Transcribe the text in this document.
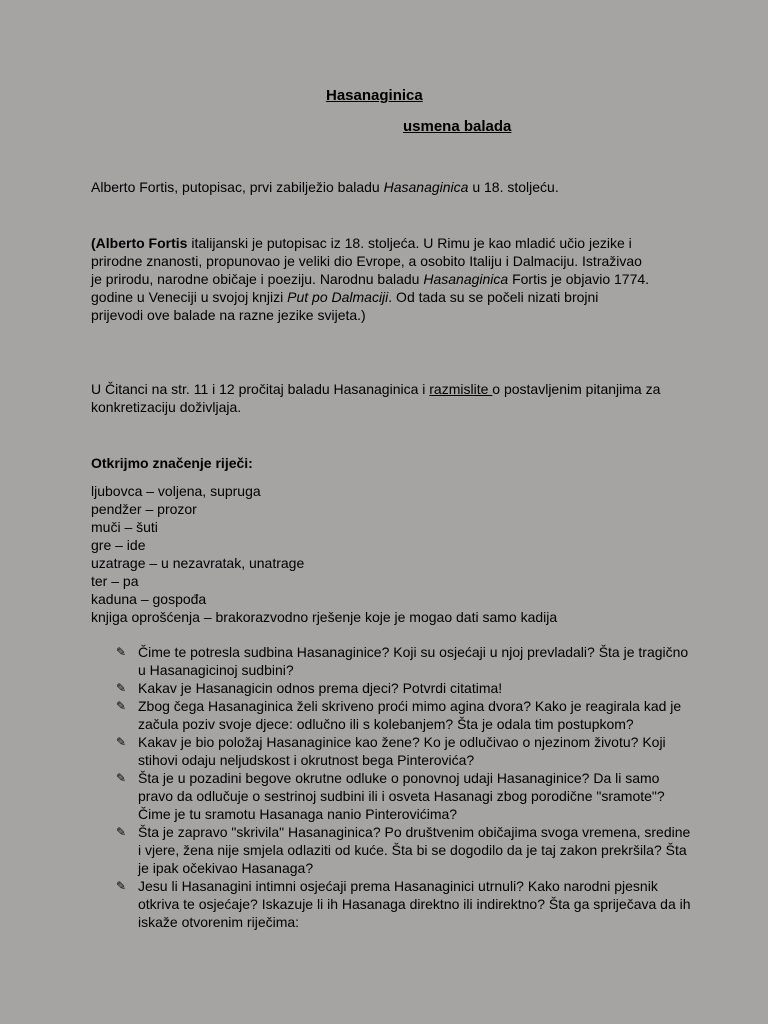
Hasanaginica
usmena balada

Alberto Fortis, putopisac, prvi zabilježio baladu Hasanaginica u 18. stoljeću.

(Alberto Fortis italijanski je putopisac iz 18. stoljeća. U Rimu je kao mladić učio jezike i prirodne znanosti, propunovao je veliki dio Evrope, a osobito Italiju i Dalmaciju. Istraživao je prirodu, narodne običaje i poeziju. Narodnu baladu Hasanaginica Fortis je objavio 1774. godine u Veneciji u svojoj knjizi Put po Dalmaciji. Od tada su se počeli nizati brojni prijevodi ove balade na razne jezike svijeta.)

U Čitanci na str. 11 i 12 pročitaj baladu Hasanaginica i razmislite o postavljenim pitanjima za konkretizaciju doživljaja.

Otkrijmo značenje riječi:

ljubovca – voljena, supruga
pendžer – prozor
muči – šuti
gre – ide
uzatrage – u nezavratak, unatrage
ter – pa
kaduna – gospođa
knjiga oprošćenja – brakorazvodno rješenje koje je mogao dati samo kadija
✎ Čime te potresla sudbina Hasanaginice? Koji su osjećaji u njoj prevladali? Šta je tragično u Hasanagicinoj sudbini?
✎ Kakav je Hasanagicin odnos prema djeci? Potvrdi citatima!
✎ Zbog čega Hasanaginica želi skriveno proći mimo agina dvora? Kako je reagirala kad je začula poziv svoje djece: odlučno ili s kolebanjem? Šta je odala tim postupkom?
✎ Kakav je bio položaj Hasanaginice kao žene? Ko je odlučivao o njezinom životu? Koji stihovi odaju neljudskost i okrutnost bega Pinterovića?
✎ Šta je u pozadini begove okrutne odluke o ponovnoj udaji Hasanaginice? Da li samo pravo da odlučuje o sestrinoj sudbini ili i osveta Hasanagi zbog porodične "sramote"? Čime je tu sramotu Hasanaga nanio Pinterovićima?
✎ Šta je zapravo "skrivila" Hasanaginica? Po društvenim običajima svoga vremena, sredine i vjere, žena nije smjela odlaziti od kuće. Šta bi se dogodilo da je taj zakon prekršila? Šta je ipak očekivao Hasanaga?
✎ Jesu li Hasanagini intimni osjećaji prema Hasanaginici utrnuli? Kako narodni pjesnik otkriva te osjećaje? Iskazuje li ih Hasanaga direktno ili indirektno? Šta ga spriječava da ih iskaže otvorenim riječima:
